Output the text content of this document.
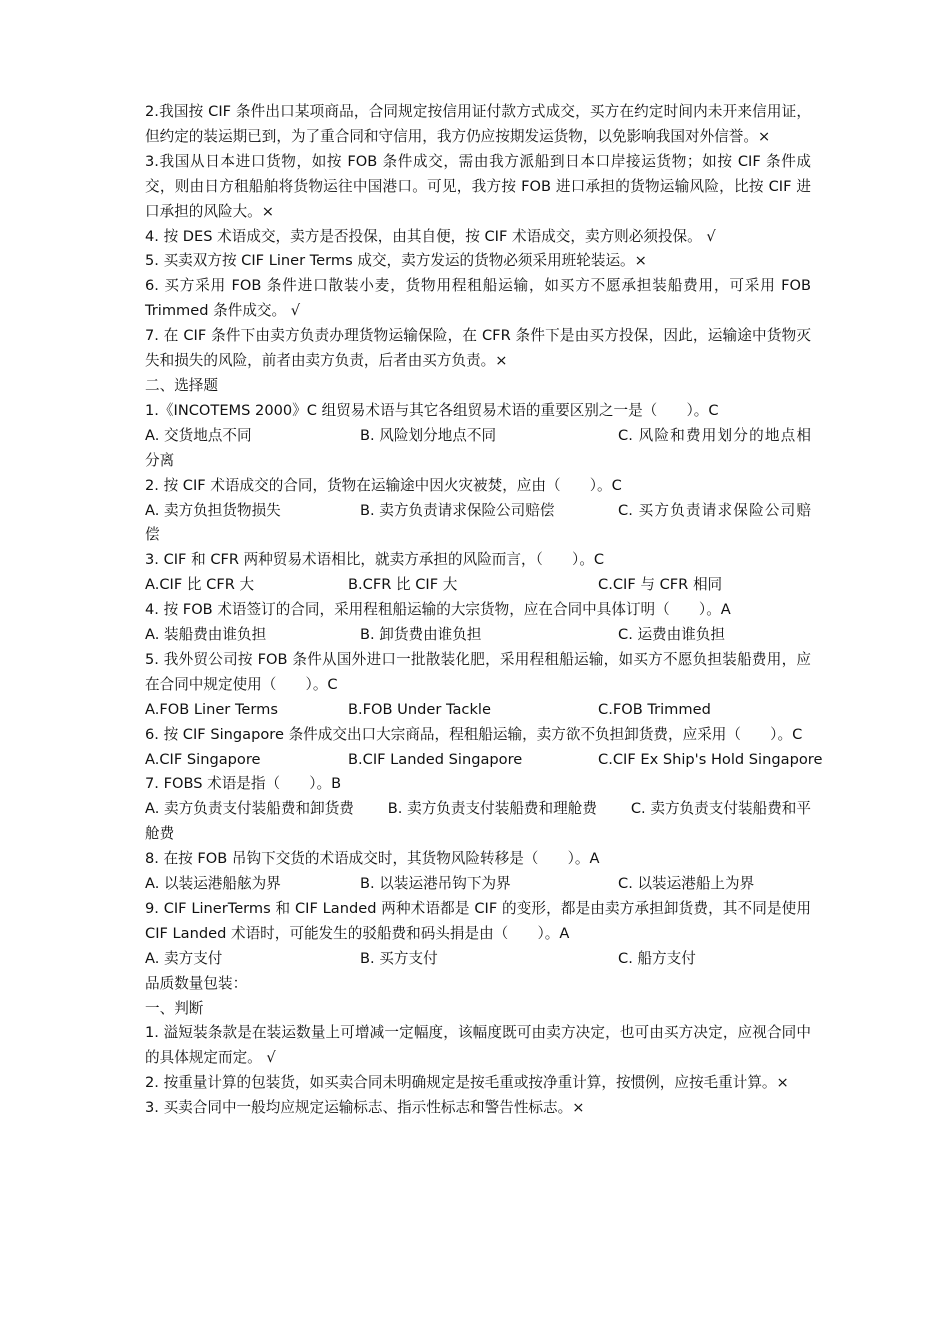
2.我国按 CIF 条件出口某项商品，合同规定按信用证付款方式成交，买方在约定时间内未开来信用证，但约定的装运期已到，为了重合同和守信用，我方仍应按期发运货物，以免影响我国对外信誉。×

3.我国从日本进口货物，如按 FOB 条件成交，需由我方派船到日本口岸接运货物；如按 CIF 条件成交，则由日方租船舶将货物运往中国港口。可见，我方按 FOB 进口承担的货物运输风险，比按 CIF 进口承担的风险大。×

4. 按 DES 术语成交，卖方是否投保，由其自便，按 CIF 术语成交，卖方则必须投保。 √

5. 买卖双方按 CIF Liner Terms 成交，卖方发运的货物必须采用班轮装运。×

6. 买方采用 FOB 条件进口散装小麦，货物用程租船运输，如买方不愿承担装船费用，可采用 FOB Trimmed 条件成交。 √

7. 在 CIF 条件下由卖方负责办理货物运输保险，在 CFR 条件下是由买方投保，因此，运输途中货物灭失和损失的风险，前者由卖方负责，后者由买方负责。×

二、选择题

1.《INCOTEMS 2000》C 组贸易术语与其它各组贸易术语的重要区别之一是（　　）。C

A. 交货地点不同	B. 风险划分地点不同	C. 风险和费用划分的地点相分离

2. 按 CIF 术语成交的合同，货物在运输途中因火灾被焚，应由（　　）。C

A. 卖方负担货物损失	B. 卖方负责请求保险公司赔偿	C. 买方负责请求保险公司赔偿

3. CIF 和 CFR 两种贸易术语相比，就卖方承担的风险而言，（　　）。C

A.CIF 比 CFR 大	B.CFR 比 CIF 大	C.CIF 与 CFR 相同

4. 按 FOB 术语签订的合同，采用程租船运输的大宗货物，应在合同中具体订明（　　）。A

A. 装船费由谁负担	B. 卸货费由谁负担	C. 运费由谁负担

5. 我外贸公司按 FOB 条件从国外进口一批散装化肥，采用程租船运输，如买方不愿负担装船费用，应在合同中规定使用（　　）。C

A.FOB Liner Terms	B.FOB Under Tackle	C.FOB Trimmed

6. 按 CIF Singapore 条件成交出口大宗商品，程租船运输，卖方欲不负担卸货费，应采用（　　）。C

A.CIF Singapore	B.CIF Landed Singapore	C.CIF Ex Ship's Hold Singapore

7. FOBS 术语是指（　　）。B

A. 卖方负责支付装船费和卸货费　　 B. 卖方负责支付装船费和理舱费　　 C. 卖方负责支付装船费和平舱费

8. 在按 FOB 吊钩下交货的术语成交时，其货物风险转移是（　　）。A

A. 以装运港船舷为界	B. 以装运港吊钩下为界	C. 以装运港船上为界

9. CIF LinerTerms 和 CIF Landed 两种术语都是 CIF 的变形，都是由卖方承担卸货费，其不同是使用 CIF Landed 术语时，可能发生的驳船费和码头捐是由（　　）。A

A. 卖方支付	B. 买方支付	C. 船方支付

品质数量包装：

一、判断

1. 溢短装条款是在装运数量上可增减一定幅度，该幅度既可由卖方决定，也可由买方决定，应视合同中的具体规定而定。 √

2. 按重量计算的包装货，如买卖合同未明确规定是按毛重或按净重计算，按惯例，应按毛重计算。×

3. 买卖合同中一般均应规定运输标志、指示性标志和警告性标志。×
